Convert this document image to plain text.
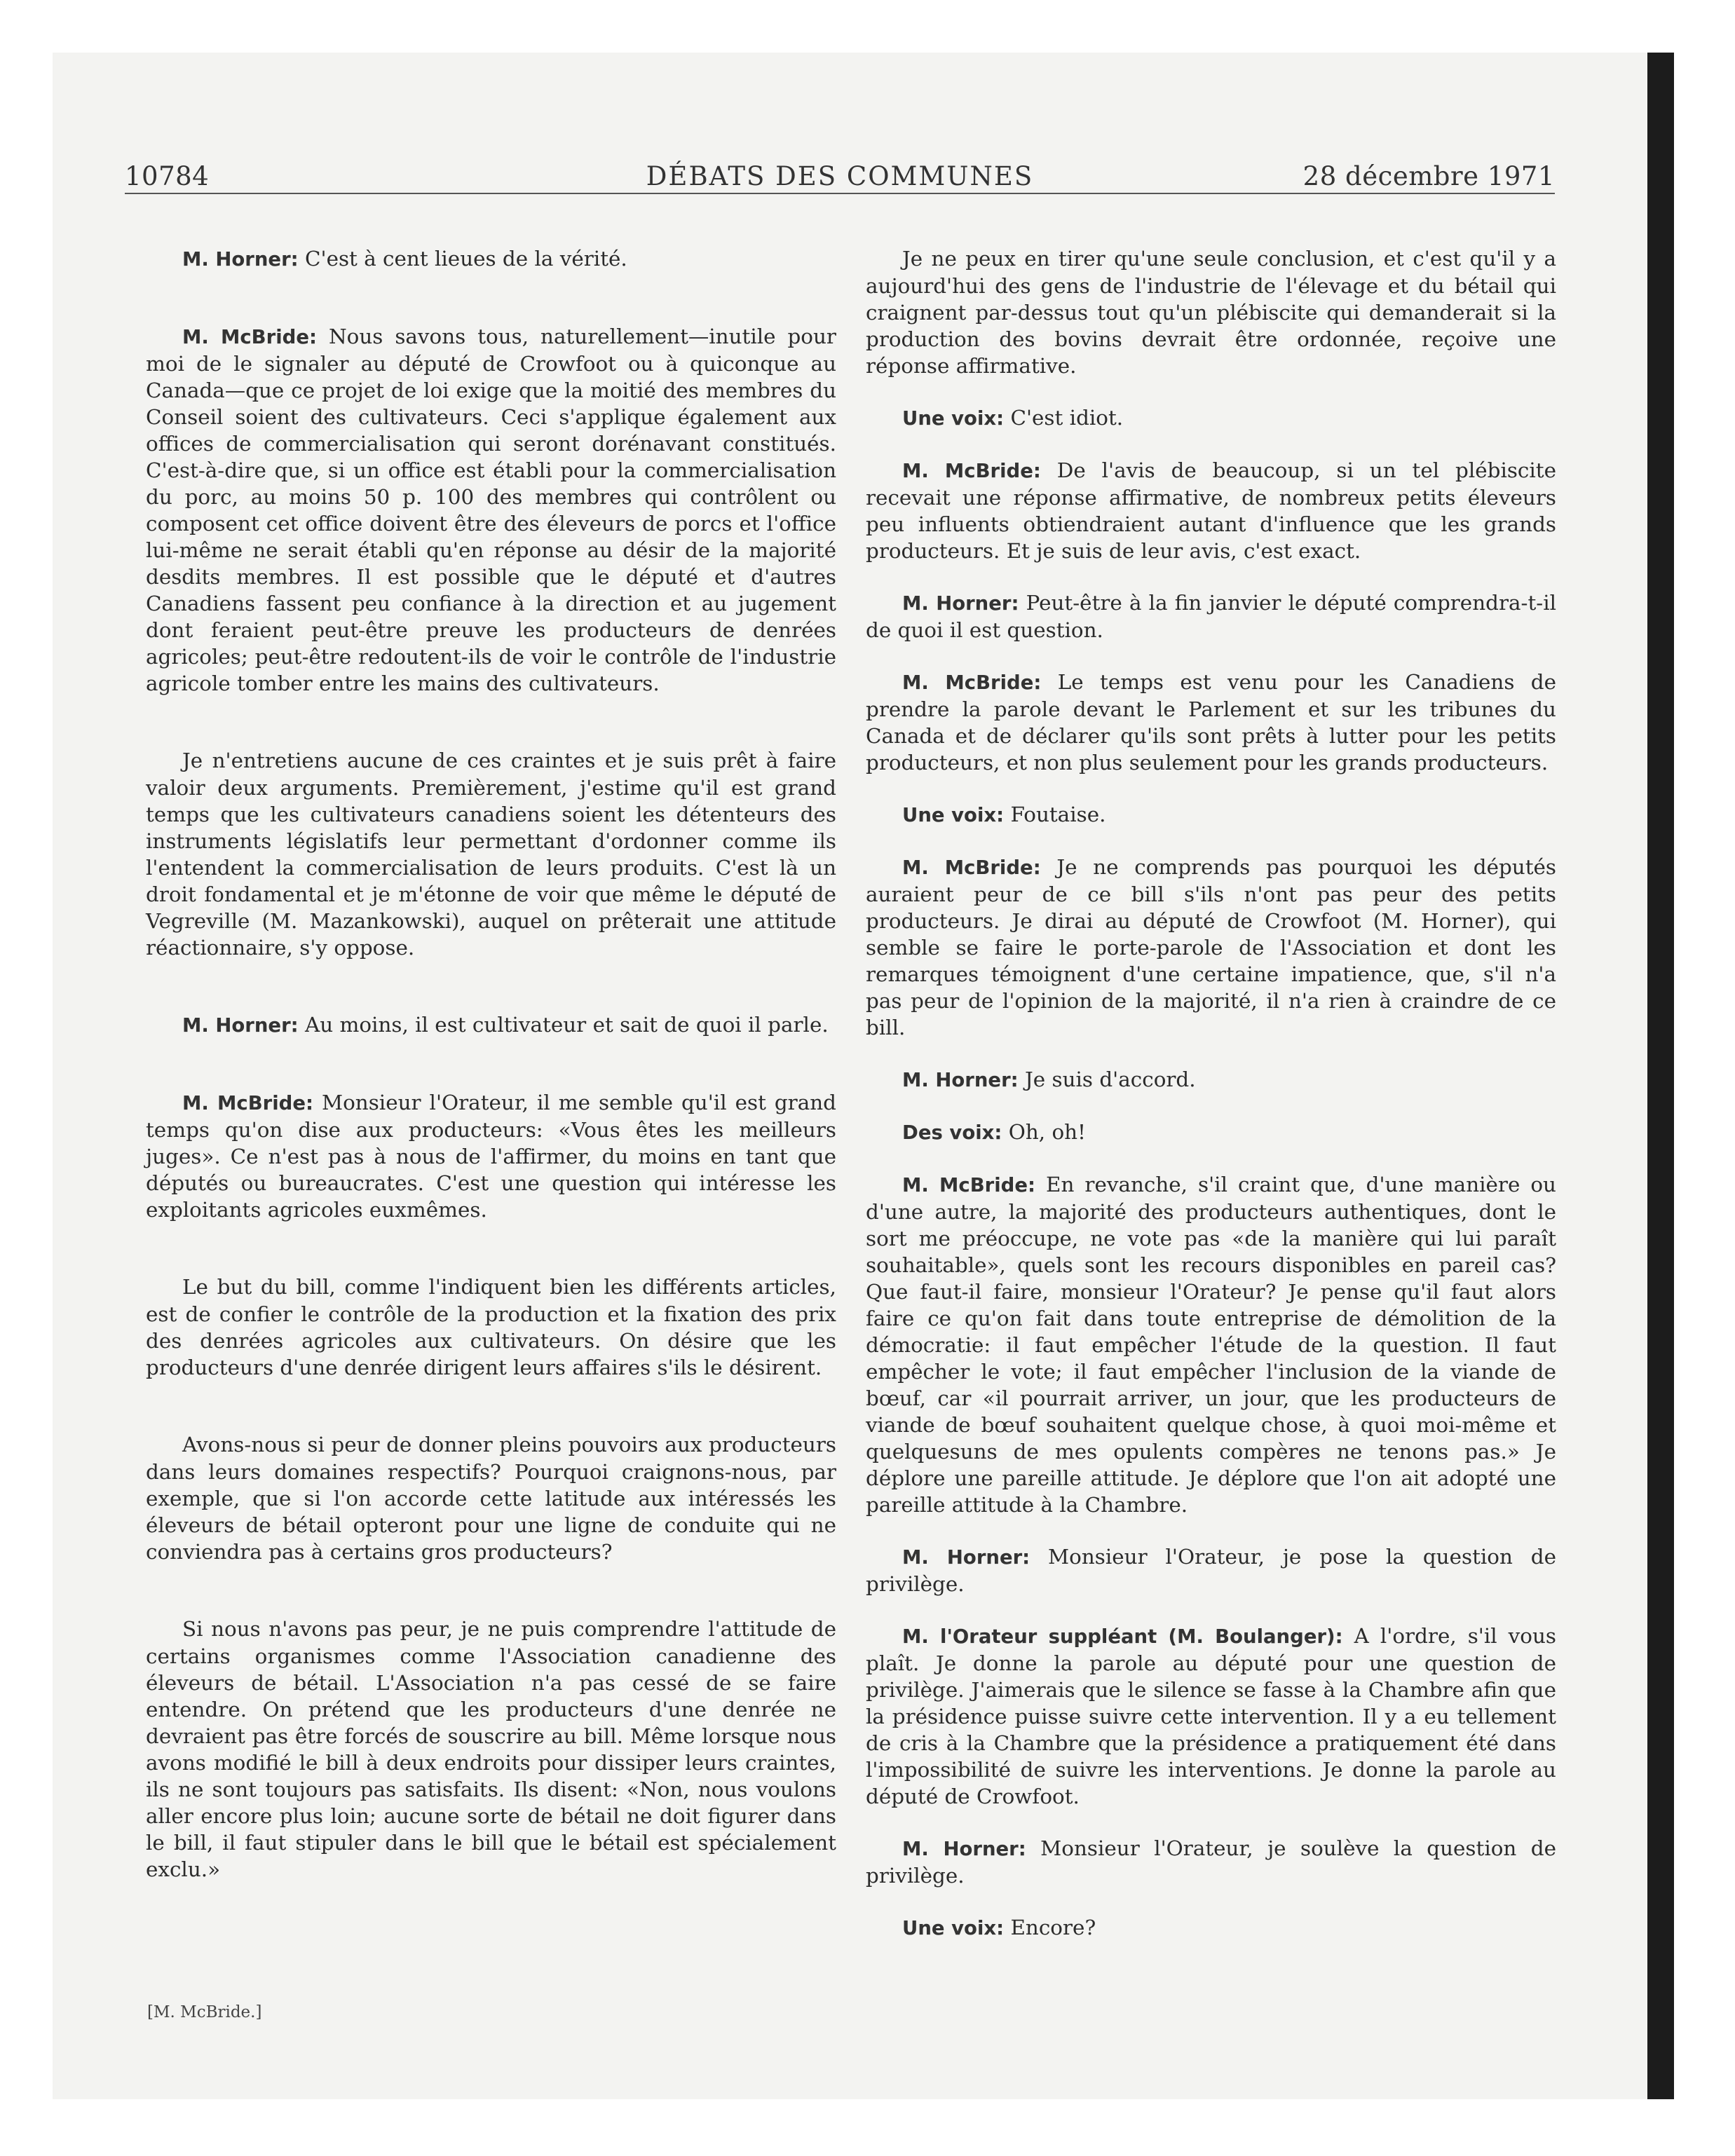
10784	DÉBATS DES COMMUNES	28 décembre 1971

M. Horner: C'est à cent lieues de la vérité.

M. McBride: Nous savons tous, naturellement—inutile pour moi de le signaler au député de Crowfoot ou à quiconque au Canada—que ce projet de loi exige que la moitié des membres du Conseil soient des cultivateurs. Ceci s'applique également aux offices de commercialisation qui seront dorénavant constitués. C'est-à-dire que, si un office est établi pour la commercialisation du porc, au moins 50 p. 100 des membres qui contrôlent ou composent cet office doivent être des éleveurs de porcs et l'office lui-même ne serait établi qu'en réponse au désir de la majorité desdits membres. Il est possible que le député et d'autres Canadiens fassent peu confiance à la direction et au jugement dont feraient peut-être preuve les producteurs de denrées agricoles; peut-être redoutent-ils de voir le contrôle de l'industrie agricole tomber entre les mains des cultivateurs.

Je n'entretiens aucune de ces craintes et je suis prêt à faire valoir deux arguments. Premièrement, j'estime qu'il est grand temps que les cultivateurs canadiens soient les détenteurs des instruments législatifs leur permettant d'ordonner comme ils l'entendent la commercialisation de leurs produits. C'est là un droit fondamental et je m'étonne de voir que même le député de Vegreville (M. Mazankowski), auquel on prêterait une attitude réactionnaire, s'y oppose.

M. Horner: Au moins, il est cultivateur et sait de quoi il parle.

M. McBride: Monsieur l'Orateur, il me semble qu'il est grand temps qu'on dise aux producteurs: «Vous êtes les meilleurs juges». Ce n'est pas à nous de l'affirmer, du moins en tant que députés ou bureaucrates. C'est une question qui intéresse les exploitants agricoles euxmêmes.

Le but du bill, comme l'indiquent bien les différents articles, est de confier le contrôle de la production et la fixation des prix des denrées agricoles aux cultivateurs. On désire que les producteurs d'une denrée dirigent leurs affaires s'ils le désirent.

Avons-nous si peur de donner pleins pouvoirs aux producteurs dans leurs domaines respectifs? Pourquoi craignons-nous, par exemple, que si l'on accorde cette latitude aux intéressés les éleveurs de bétail opteront pour une ligne de conduite qui ne conviendra pas à certains gros producteurs?

Si nous n'avons pas peur, je ne puis comprendre l'attitude de certains organismes comme l'Association canadienne des éleveurs de bétail. L'Association n'a pas cessé de se faire entendre. On prétend que les producteurs d'une denrée ne devraient pas être forcés de souscrire au bill. Même lorsque nous avons modifié le bill à deux endroits pour dissiper leurs craintes, ils ne sont toujours pas satisfaits. Ils disent: «Non, nous voulons aller encore plus loin; aucune sorte de bétail ne doit figurer dans le bill, il faut stipuler dans le bill que le bétail est spécialement exclu.»

[M. McBride.]

Je ne peux en tirer qu'une seule conclusion, et c'est qu'il y a aujourd'hui des gens de l'industrie de l'élevage et du bétail qui craignent par-dessus tout qu'un plébiscite qui demanderait si la production des bovins devrait être ordonnée, reçoive une réponse affirmative.

Une voix: C'est idiot.

M. McBride: De l'avis de beaucoup, si un tel plébiscite recevait une réponse affirmative, de nombreux petits éleveurs peu influents obtiendraient autant d'influence que les grands producteurs. Et je suis de leur avis, c'est exact.

M. Horner: Peut-être à la fin janvier le député comprendra-t-il de quoi il est question.

M. McBride: Le temps est venu pour les Canadiens de prendre la parole devant le Parlement et sur les tribunes du Canada et de déclarer qu'ils sont prêts à lutter pour les petits producteurs, et non plus seulement pour les grands producteurs.

Une voix: Foutaise.

M. McBride: Je ne comprends pas pourquoi les députés auraient peur de ce bill s'ils n'ont pas peur des petits producteurs. Je dirai au député de Crowfoot (M. Horner), qui semble se faire le porte-parole de l'Association et dont les remarques témoignent d'une certaine impatience, que, s'il n'a pas peur de l'opinion de la majorité, il n'a rien à craindre de ce bill.

M. Horner: Je suis d'accord.

Des voix: Oh, oh!

M. McBride: En revanche, s'il craint que, d'une manière ou d'une autre, la majorité des producteurs authentiques, dont le sort me préoccupe, ne vote pas «de la manière qui lui paraît souhaitable», quels sont les recours disponibles en pareil cas? Que faut-il faire, monsieur l'Orateur? Je pense qu'il faut alors faire ce qu'on fait dans toute entreprise de démolition de la démocratie: il faut empêcher l'étude de la question. Il faut empêcher le vote; il faut empêcher l'inclusion de la viande de bœuf, car «il pourrait arriver, un jour, que les producteurs de viande de bœuf souhaitent quelque chose, à quoi moi-même et quelquesuns de mes opulents compères ne tenons pas.» Je déplore une pareille attitude. Je déplore que l'on ait adopté une pareille attitude à la Chambre.

M. Horner: Monsieur l'Orateur, je pose la question de privilège.

M. l'Orateur suppléant (M. Boulanger): A l'ordre, s'il vous plaît. Je donne la parole au député pour une question de privilège. J'aimerais que le silence se fasse à la Chambre afin que la présidence puisse suivre cette intervention. Il y a eu tellement de cris à la Chambre que la présidence a pratiquement été dans l'impossibilité de suivre les interventions. Je donne la parole au député de Crowfoot.

M. Horner: Monsieur l'Orateur, je soulève la question de privilège.

Une voix: Encore?
